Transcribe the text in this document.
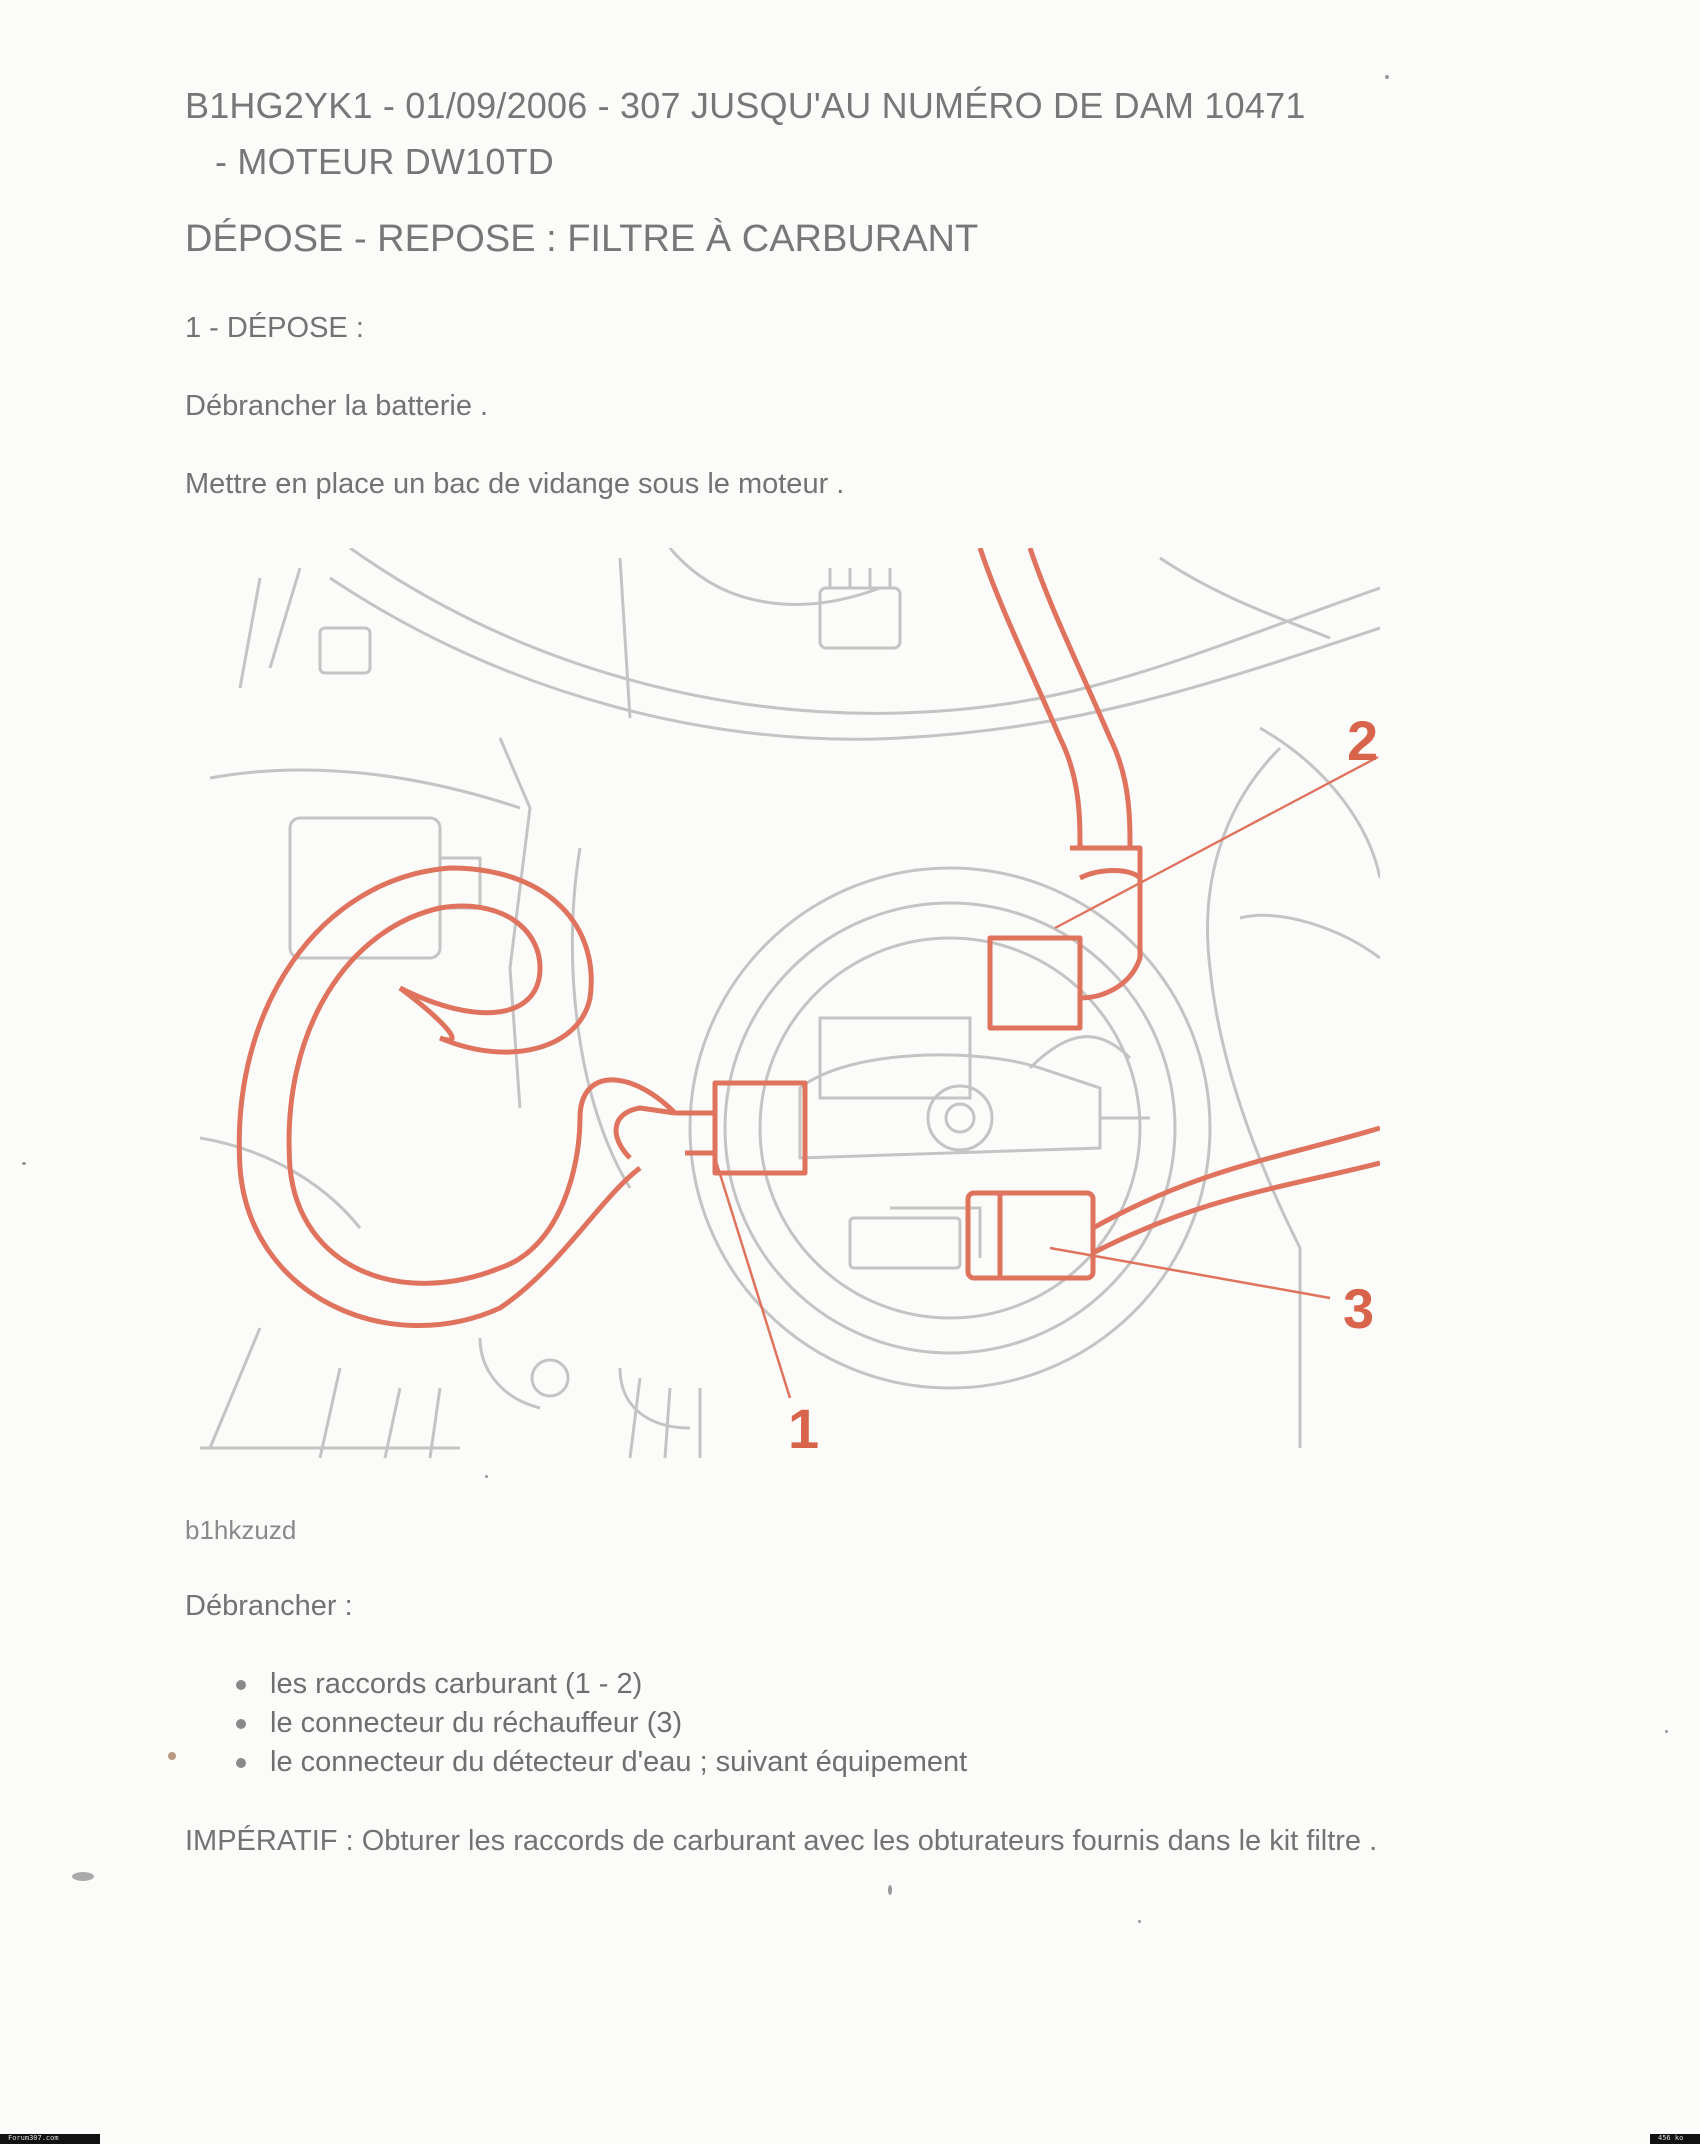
B1HG2YK1 - 01/09/2006 - 307 JUSQU'AU NUMÉRO DE DAM 10471
- MOTEUR DW10TD
DÉPOSE - REPOSE : FILTRE À CARBURANT
1 - DÉPOSE :
Débrancher la batterie .
Mettre en place un bac de vidange sous le moteur .
1
2
3
b1hkzuzd
Débrancher :
les raccords carburant (1 - 2)
le connecteur du réchauffeur (3)
le connecteur du détecteur d'eau ; suivant équipement
IMPÉRATIF : Obturer les raccords de carburant avec les obturateurs fournis dans le kit filtre .
Forum307.com	456 ko
